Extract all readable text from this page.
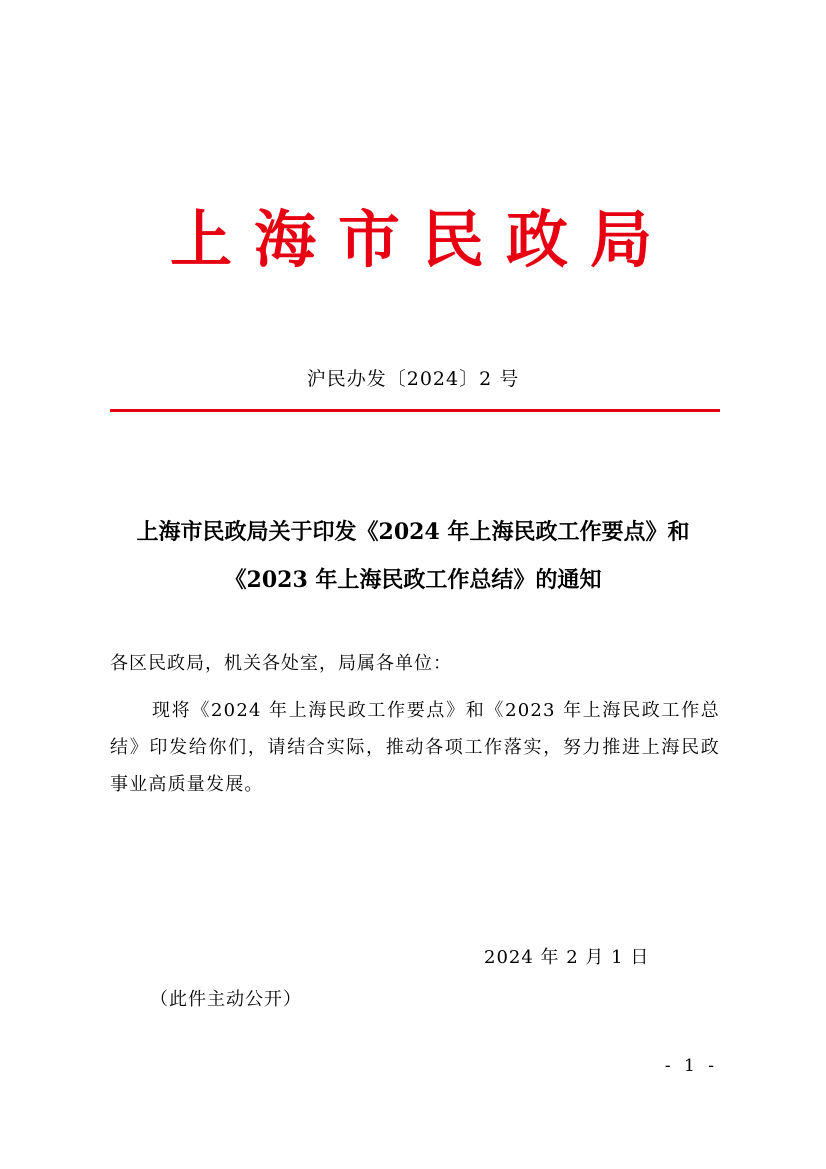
上海市民政局
沪民办发〔2024〕2 号
上海市民政局关于印发《2024 年上海民政工作要点》和
《2023 年上海民政工作总结》的通知
各区民政局，机关各处室，局属各单位：
现将《2024 年上海民政工作要点》和《2023 年上海民政工作总结》印发给你们，请结合实际，推动各项工作落实，努力推进上海民政事业高质量发展。
2024 年 2 月 1 日
（此件主动公开）
- 1 -
